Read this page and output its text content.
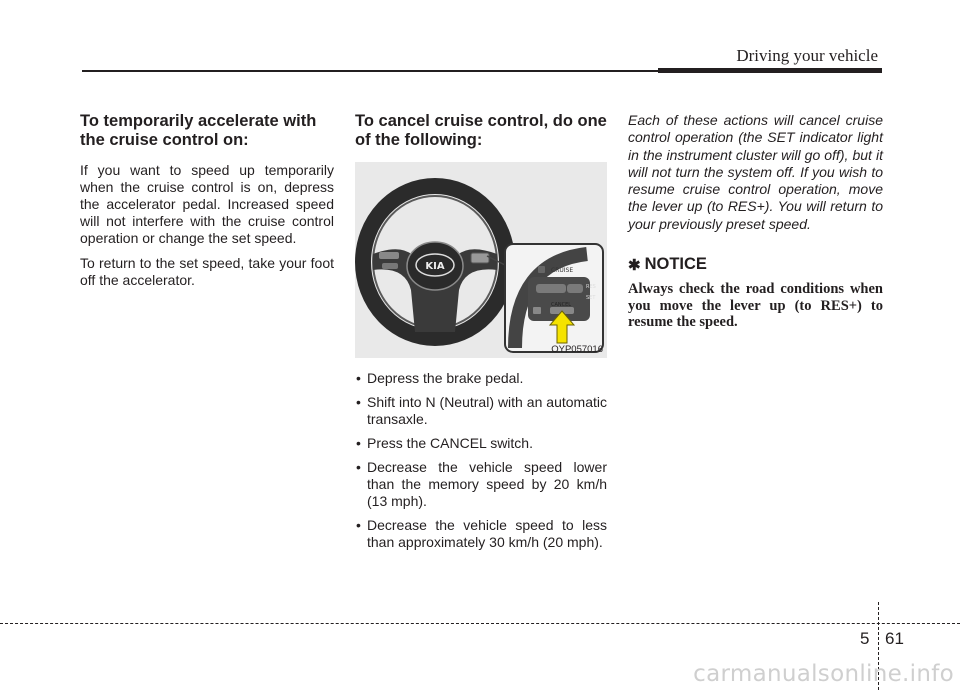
Driving your vehicle
To temporarily accelerate with the cruise control on:

If you want to speed up temporarily when the cruise control is on, depress the accelerator pedal. Increased speed will not interfere with the cruise control operation or change the set speed.

To return to the set speed, take your foot off the accelerator.

To cancel cruise control, do one of the following:
KIA	CRUISE
RES
SET
CANCEL
OYP057016
• Depress the brake pedal.
• Shift into N (Neutral) with an automatic transaxle.
• Press the CANCEL switch.
• Decrease the vehicle speed lower than the memory speed by 20 km/h (13 mph).
• Decrease the vehicle speed to less than approximately 30 km/h (20 mph).

Each of these actions will cancel cruise control operation (the SET indicator light in the instrument cluster will go off), but it will not turn the system off. If you wish to resume cruise control operation, move the lever up (to RES+). You will return to your previously preset speed.

✱ NOTICE

Always check the road conditions when you move the lever up (to RES+) to resume the speed.

5 61
carmanualsonline.info
